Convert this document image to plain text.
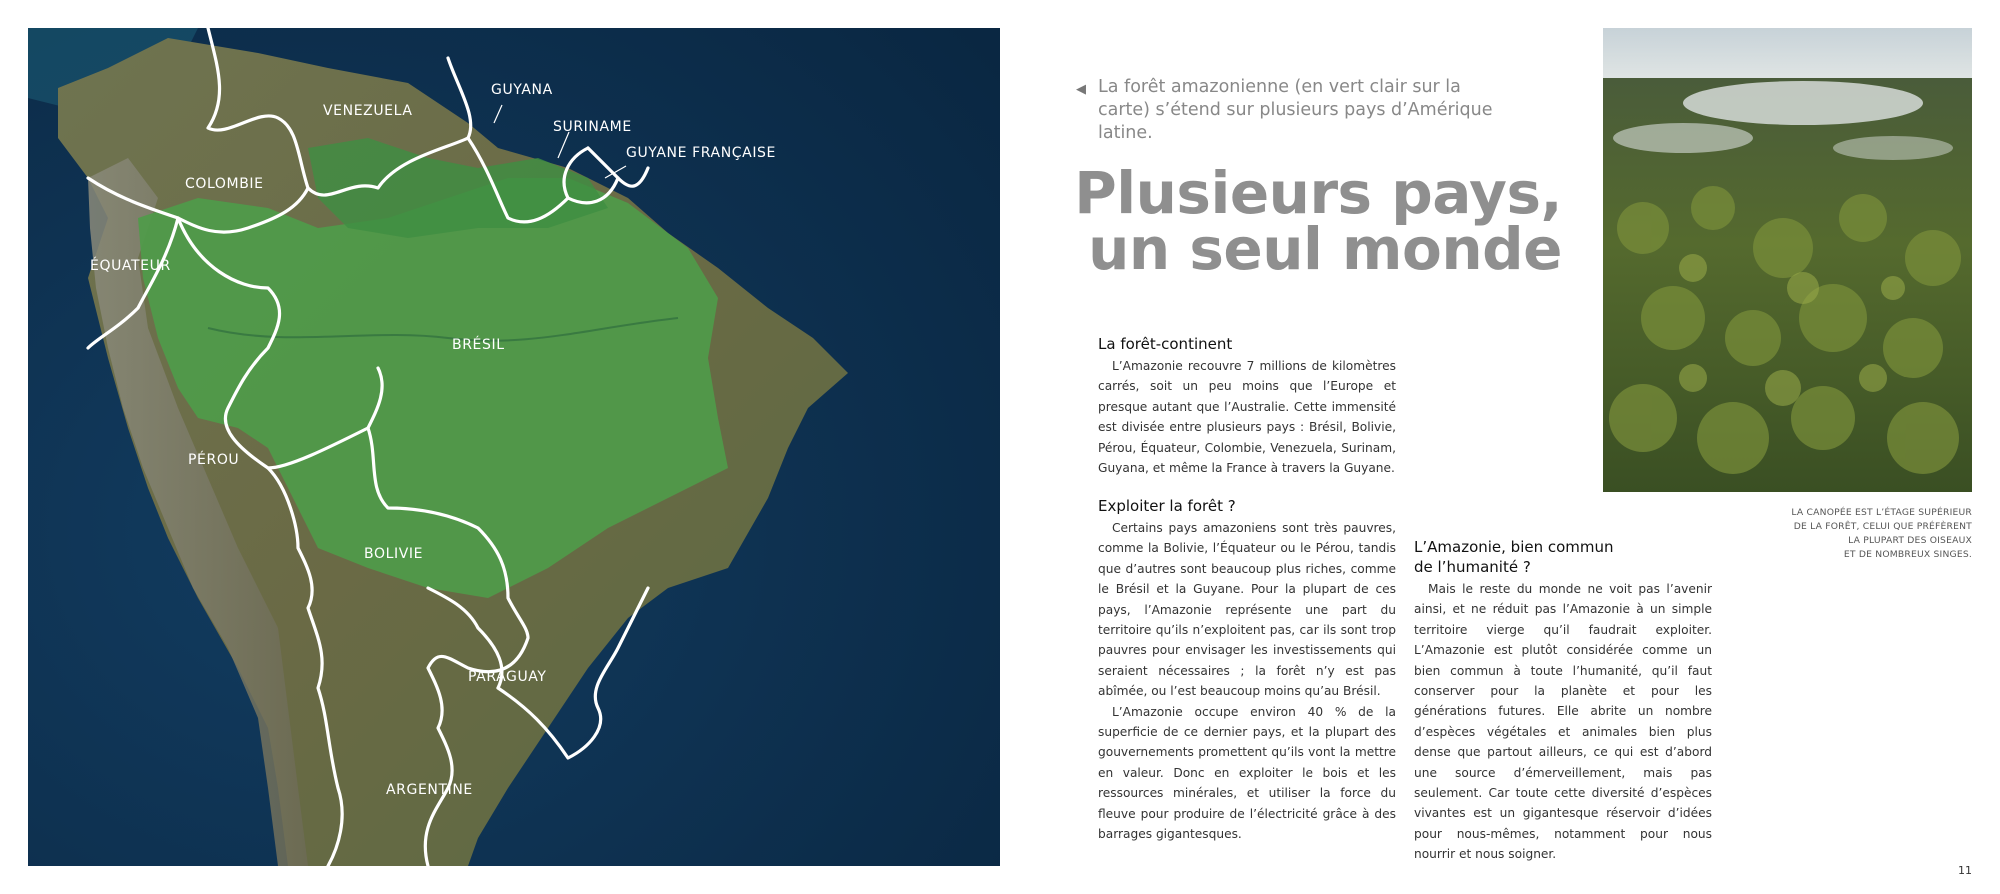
VENEZUELA
GUYANA
SURINAME
GUYANE FRANÇAISE
COLOMBIE
ÉQUATEUR
BRÉSIL
PÉROU
BOLIVIE
PARAGUAY
ARGENTINE
◀ La forêt amazonienne (en vert clair sur la carte) s’étend sur plusieurs pays d’Amérique latine.
Plusieurs pays,
un seul monde
La forêt-continent

L’Amazonie recouvre 7 millions de kilomètres carrés, soit un peu moins que l’Europe et presque autant que l’Australie. Cette immensité est divisée entre plusieurs pays : Brésil, Bolivie, Pérou, Équateur, Colombie, Venezuela, Surinam, Guyana, et même la France à travers la Guyane.

Exploiter la forêt ?

Certains pays amazoniens sont très pauvres, comme la Bolivie, l’Équateur ou le Pérou, tandis que d’autres sont beaucoup plus riches, comme le Brésil et la Guyane. Pour la plupart de ces pays, l’Amazonie représente une part du territoire qu’ils n’exploitent pas, car ils sont trop pauvres pour envisager les investissements qui seraient nécessaires ; la forêt n’y est pas abîmée, ou l’est beaucoup moins qu’au Brésil.

L’Amazonie occupe environ 40 % de la superficie de ce dernier pays, et la plupart des gouvernements promettent qu’ils vont la mettre en valeur. Donc en exploiter le bois et les ressources minérales, et utiliser la force du fleuve pour produire de l’électricité grâce à des barrages gigantesques.

L’Amazonie, bien commun
de l’humanité ?

Mais le reste du monde ne voit pas l’avenir ainsi, et ne réduit pas l’Amazonie à un simple territoire vierge qu’il faudrait exploiter. L’Amazonie est plutôt considérée comme un bien commun à toute l’humanité, qu’il faut conserver pour la planète et pour les générations futures. Elle abrite un nombre d’espèces végétales et animales bien plus dense que partout ailleurs, ce qui est d’abord une source d’émerveillement, mais pas seulement. Car toute cette diversité d’espèces vivantes est un gigantesque réservoir d’idées pour nous-mêmes, notamment pour nous nourrir et nous soigner.

LA CANOPÉE EST L’ÉTAGE SUPÉRIEUR
DE LA FORÊT, CELUI QUE PRÉFÈRENT
LA PLUPART DES OISEAUX
ET DE NOMBREUX SINGES.
11
